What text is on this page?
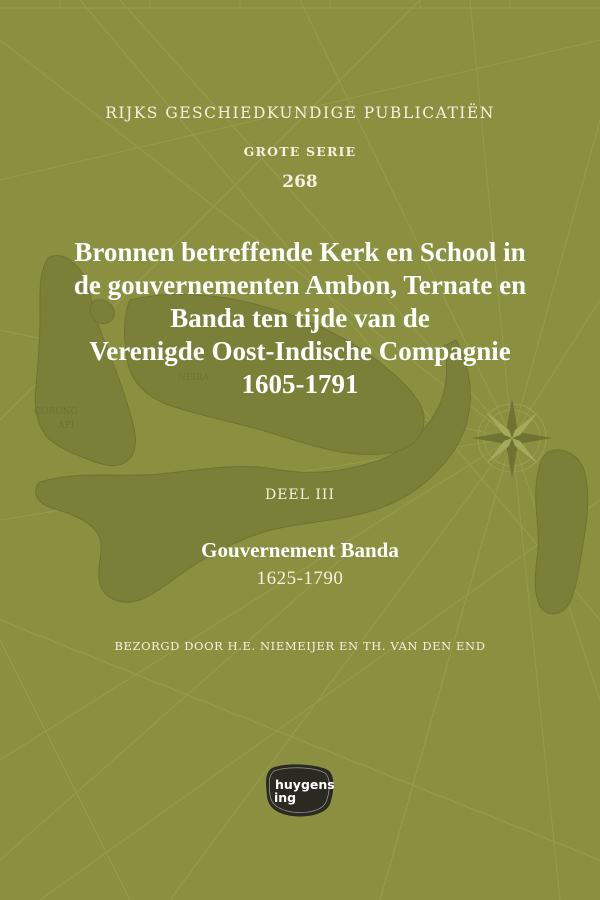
GORONG
NEIRA
API
RIJKS GESCHIEDKUNDIGE PUBLICATIËN
GROTE SERIE
268
Bronnen betreffende Kerk en School in
de gouvernementen Ambon, Ternate en
Banda ten tijde van de
Verenigde Oost-Indische Compagnie
1605-1791
DEEL III
Gouvernement Banda
1625-1790
BEZORGD DOOR H.E. NIEMEIJER EN TH. VAN DEN END
huygens
ing
